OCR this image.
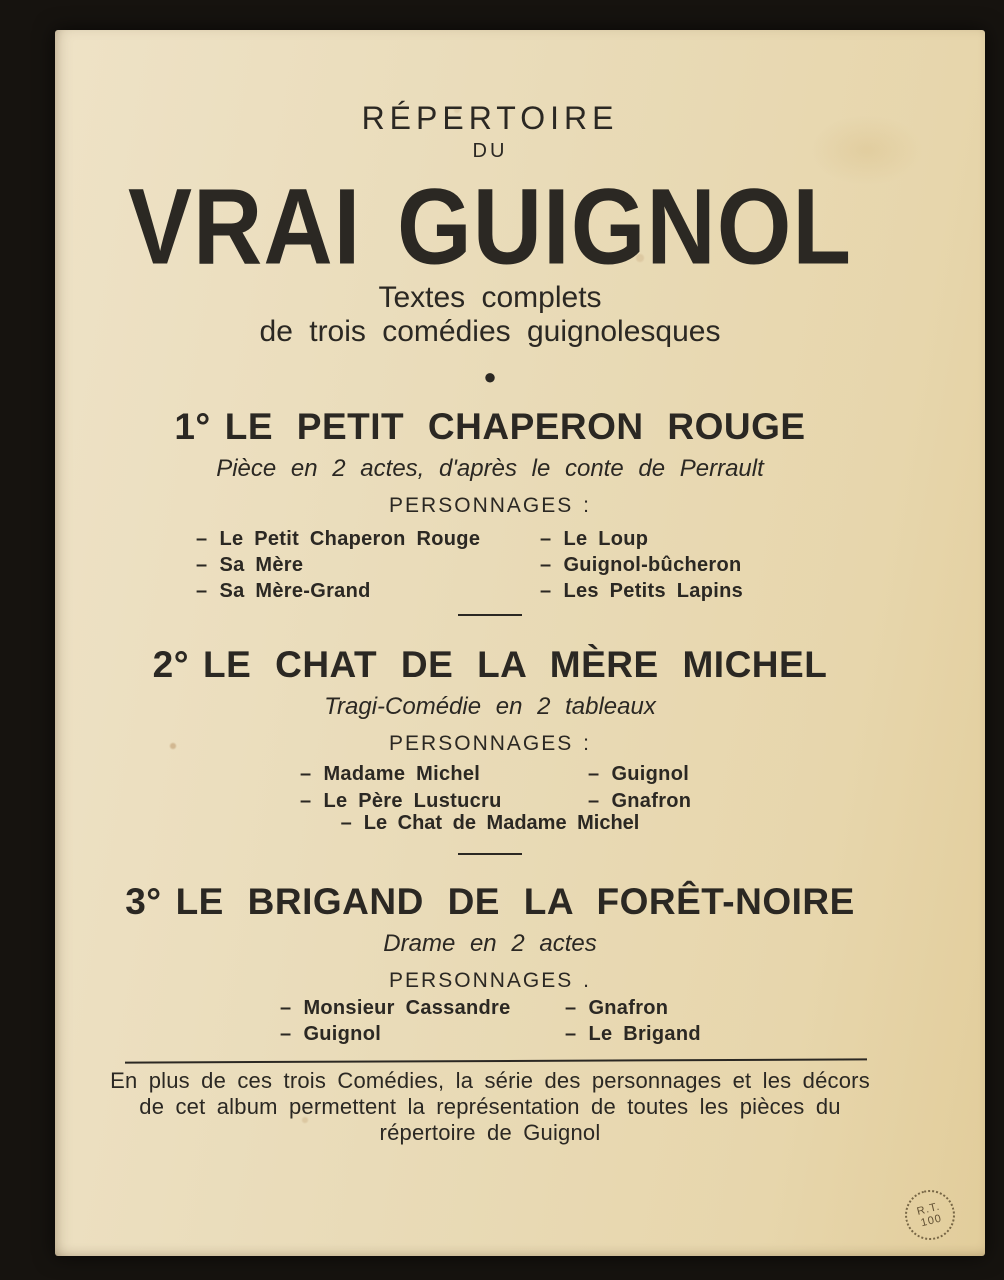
RÉPERTOIRE
DU
VRAI GUIGNOL
Textes complets
de trois comédies guignolesques
●
1° LE PETIT CHAPERON ROUGE
Pièce en 2 actes, d'après le conte de Perrault
PERSONNAGES :
2° LE CHAT DE LA MÈRE MICHEL
Tragi-Comédie en 2 tableaux
PERSONNAGES :
– Le Chat de Madame Michel
3° LE BRIGAND DE LA FORÊT-NOIRE
Drame en 2 actes
PERSONNAGES .
En plus de ces trois Comédies, la série des personnages et les décors
de cet album permettent la représentation de toutes les pièces du
répertoire de Guignol
– Le Petit Chaperon Rouge	– Le Loup
– Sa Mère	– Guignol-bûcheron
– Sa Mère-Grand	– Les Petits Lapins
– Madame Michel	– Guignol
– Le Père Lustucru	– Gnafron
– Monsieur Cassandre	– Gnafron
– Guignol	– Le Brigand
R.T.
100
